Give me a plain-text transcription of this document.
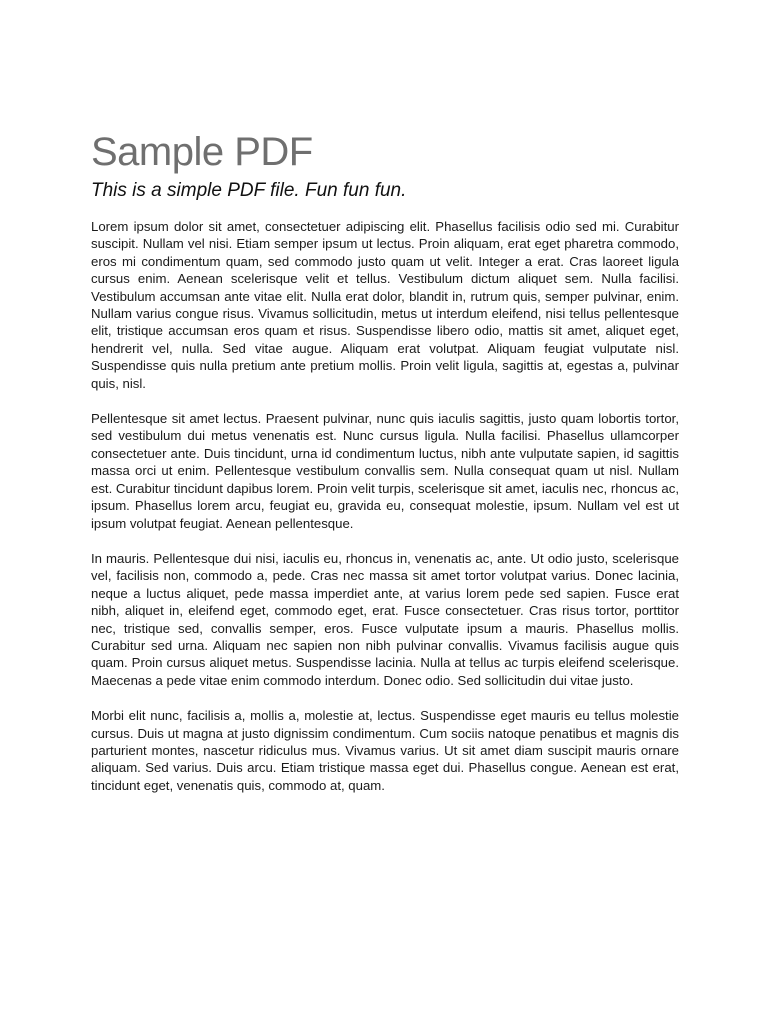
Sample PDF
This is a simple PDF file. Fun fun fun.

Lorem ipsum dolor sit amet, consectetuer adipiscing elit. Phasellus facilisis odio sed mi. Curabitur suscipit. Nullam vel nisi. Etiam semper ipsum ut lectus. Proin aliquam, erat eget pharetra commodo, eros mi condimentum quam, sed commodo justo quam ut velit. Integer a erat. Cras laoreet ligula cursus enim. Aenean scelerisque velit et tellus. Vestibulum dictum aliquet sem. Nulla facilisi. Vestibulum accumsan ante vitae elit. Nulla erat dolor, blandit in, rutrum quis, semper pulvinar, enim. Nullam varius congue risus. Vivamus sollicitudin, metus ut interdum eleifend, nisi tellus pellentesque elit, tristique accumsan eros quam et risus. Suspendisse libero odio, mattis sit amet, aliquet eget, hendrerit vel, nulla. Sed vitae augue. Aliquam erat volutpat. Aliquam feugiat vulputate nisl. Suspendisse quis nulla pretium ante pretium mollis. Proin velit ligula, sagittis at, egestas a, pulvinar quis, nisl.

Pellentesque sit amet lectus. Praesent pulvinar, nunc quis iaculis sagittis, justo quam lobortis tortor, sed vestibulum dui metus venenatis est. Nunc cursus ligula. Nulla facilisi. Phasellus ullamcorper consectetuer ante. Duis tincidunt, urna id condimentum luctus, nibh ante vulputate sapien, id sagittis massa orci ut enim. Pellentesque vestibulum convallis sem. Nulla consequat quam ut nisl. Nullam est. Curabitur tincidunt dapibus lorem. Proin velit turpis, scelerisque sit amet, iaculis nec, rhoncus ac, ipsum. Phasellus lorem arcu, feugiat eu, gravida eu, consequat molestie, ipsum. Nullam vel est ut ipsum volutpat feugiat. Aenean pellentesque.

In mauris. Pellentesque dui nisi, iaculis eu, rhoncus in, venenatis ac, ante. Ut odio justo, scelerisque vel, facilisis non, commodo a, pede. Cras nec massa sit amet tortor volutpat varius. Donec lacinia, neque a luctus aliquet, pede massa imperdiet ante, at varius lorem pede sed sapien. Fusce erat nibh, aliquet in, eleifend eget, commodo eget, erat. Fusce consectetuer. Cras risus tortor, porttitor nec, tristique sed, convallis semper, eros. Fusce vulputate ipsum a mauris. Phasellus mollis. Curabitur sed urna. Aliquam nec sapien non nibh pulvinar convallis. Vivamus facilisis augue quis quam. Proin cursus aliquet metus. Suspendisse lacinia. Nulla at tellus ac turpis eleifend scelerisque. Maecenas a pede vitae enim commodo interdum. Donec odio. Sed sollicitudin dui vitae justo.

Morbi elit nunc, facilisis a, mollis a, molestie at, lectus. Suspendisse eget mauris eu tellus molestie cursus. Duis ut magna at justo dignissim condimentum. Cum sociis natoque penatibus et magnis dis parturient montes, nascetur ridiculus mus. Vivamus varius. Ut sit amet diam suscipit mauris ornare aliquam. Sed varius. Duis arcu. Etiam tristique massa eget dui. Phasellus congue. Aenean est erat, tincidunt eget, venenatis quis, commodo at, quam.
